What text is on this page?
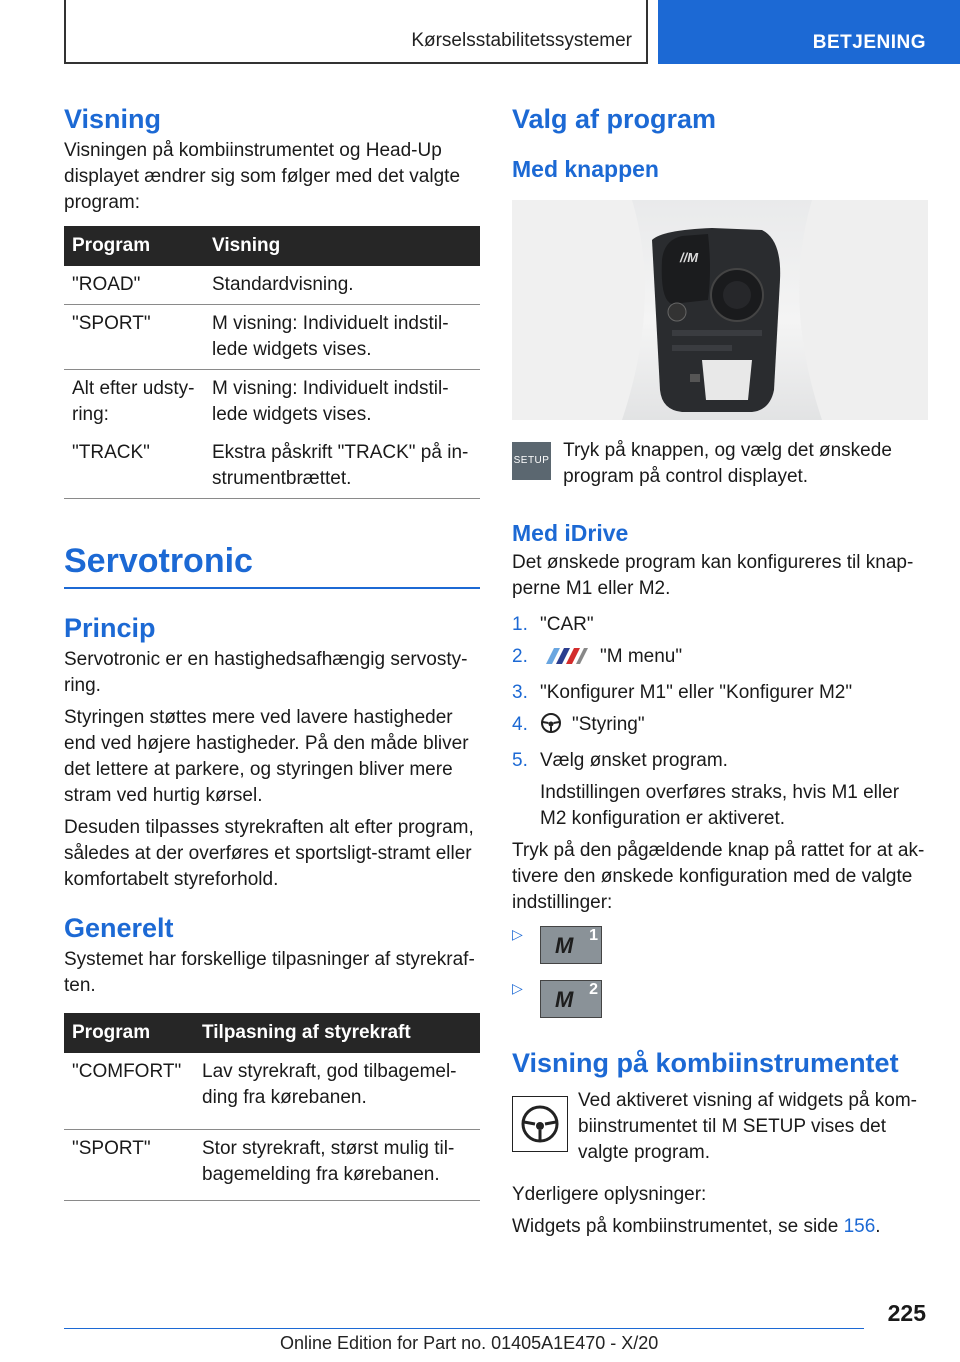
Kørselsstabilitetssystemer	BETJENING
Visning

Visningen på kombiinstrumentet og Head-Up displayet ændrer sig som følger med det valgte program:

Program	Visning
"ROAD"	Standardvisning.
"SPORT"	M visning: Individuelt indstil-lede widgets vises.
Alt efter udsty-ring:	M visning: Individuelt indstil-lede widgets vises.
"TRACK"	Ekstra påskrift "TRACK" på in-strumentbrættet.
Servotronic
Princip

Servotronic er en hastighedsafhængig servosty-ring.

Styringen støttes mere ved lavere hastigheder end ved højere hastigheder. På den måde bliver det lettere at parkere, og styringen bliver mere stram ved hurtig kørsel.

Desuden tilpasses styrekraften alt efter program, således at der overføres et sportsligt-stramt eller komfortabelt styreforhold.

Generelt

Systemet har forskellige tilpasninger af styrekraf-ten.

Program	Tilpasning af styrekraft
"COMFORT"	Lav styrekraft, god tilbagemel-ding fra kørebanen.
"SPORT"	Stor styrekraft, størst mulig til-bagemelding fra kørebanen.
Valg af program
Med knappen
//M
SETUP Tryk på knappen, og vælg det ønskede program på control displayet.

Med iDrive

Det ønskede program kan konfigureres til knap-perne M1 eller M2.

1. "CAR"
2.	"M menu"
3. "Konfigurer M1" eller "Konfigurer M2"
4.	"Styring"
5. Vælg ønsket program.

Indstillingen overføres straks, hvis M1 eller M2 konfiguration er aktiveret.

Tryk på den pågældende knap på rattet for at ak-tivere den ønskede konfiguration med de valgte indstillinger:

▷	M 1
▷	M 2
Visning på kombiinstrumentet

Ved aktiveret visning af widgets på kom-biinstrumentet til M SETUP vises det valgte program.

Yderligere oplysninger:

Widgets på kombiinstrumentet, se side 156.

225
Online Edition for Part no. 01405A1E470 - X/20
